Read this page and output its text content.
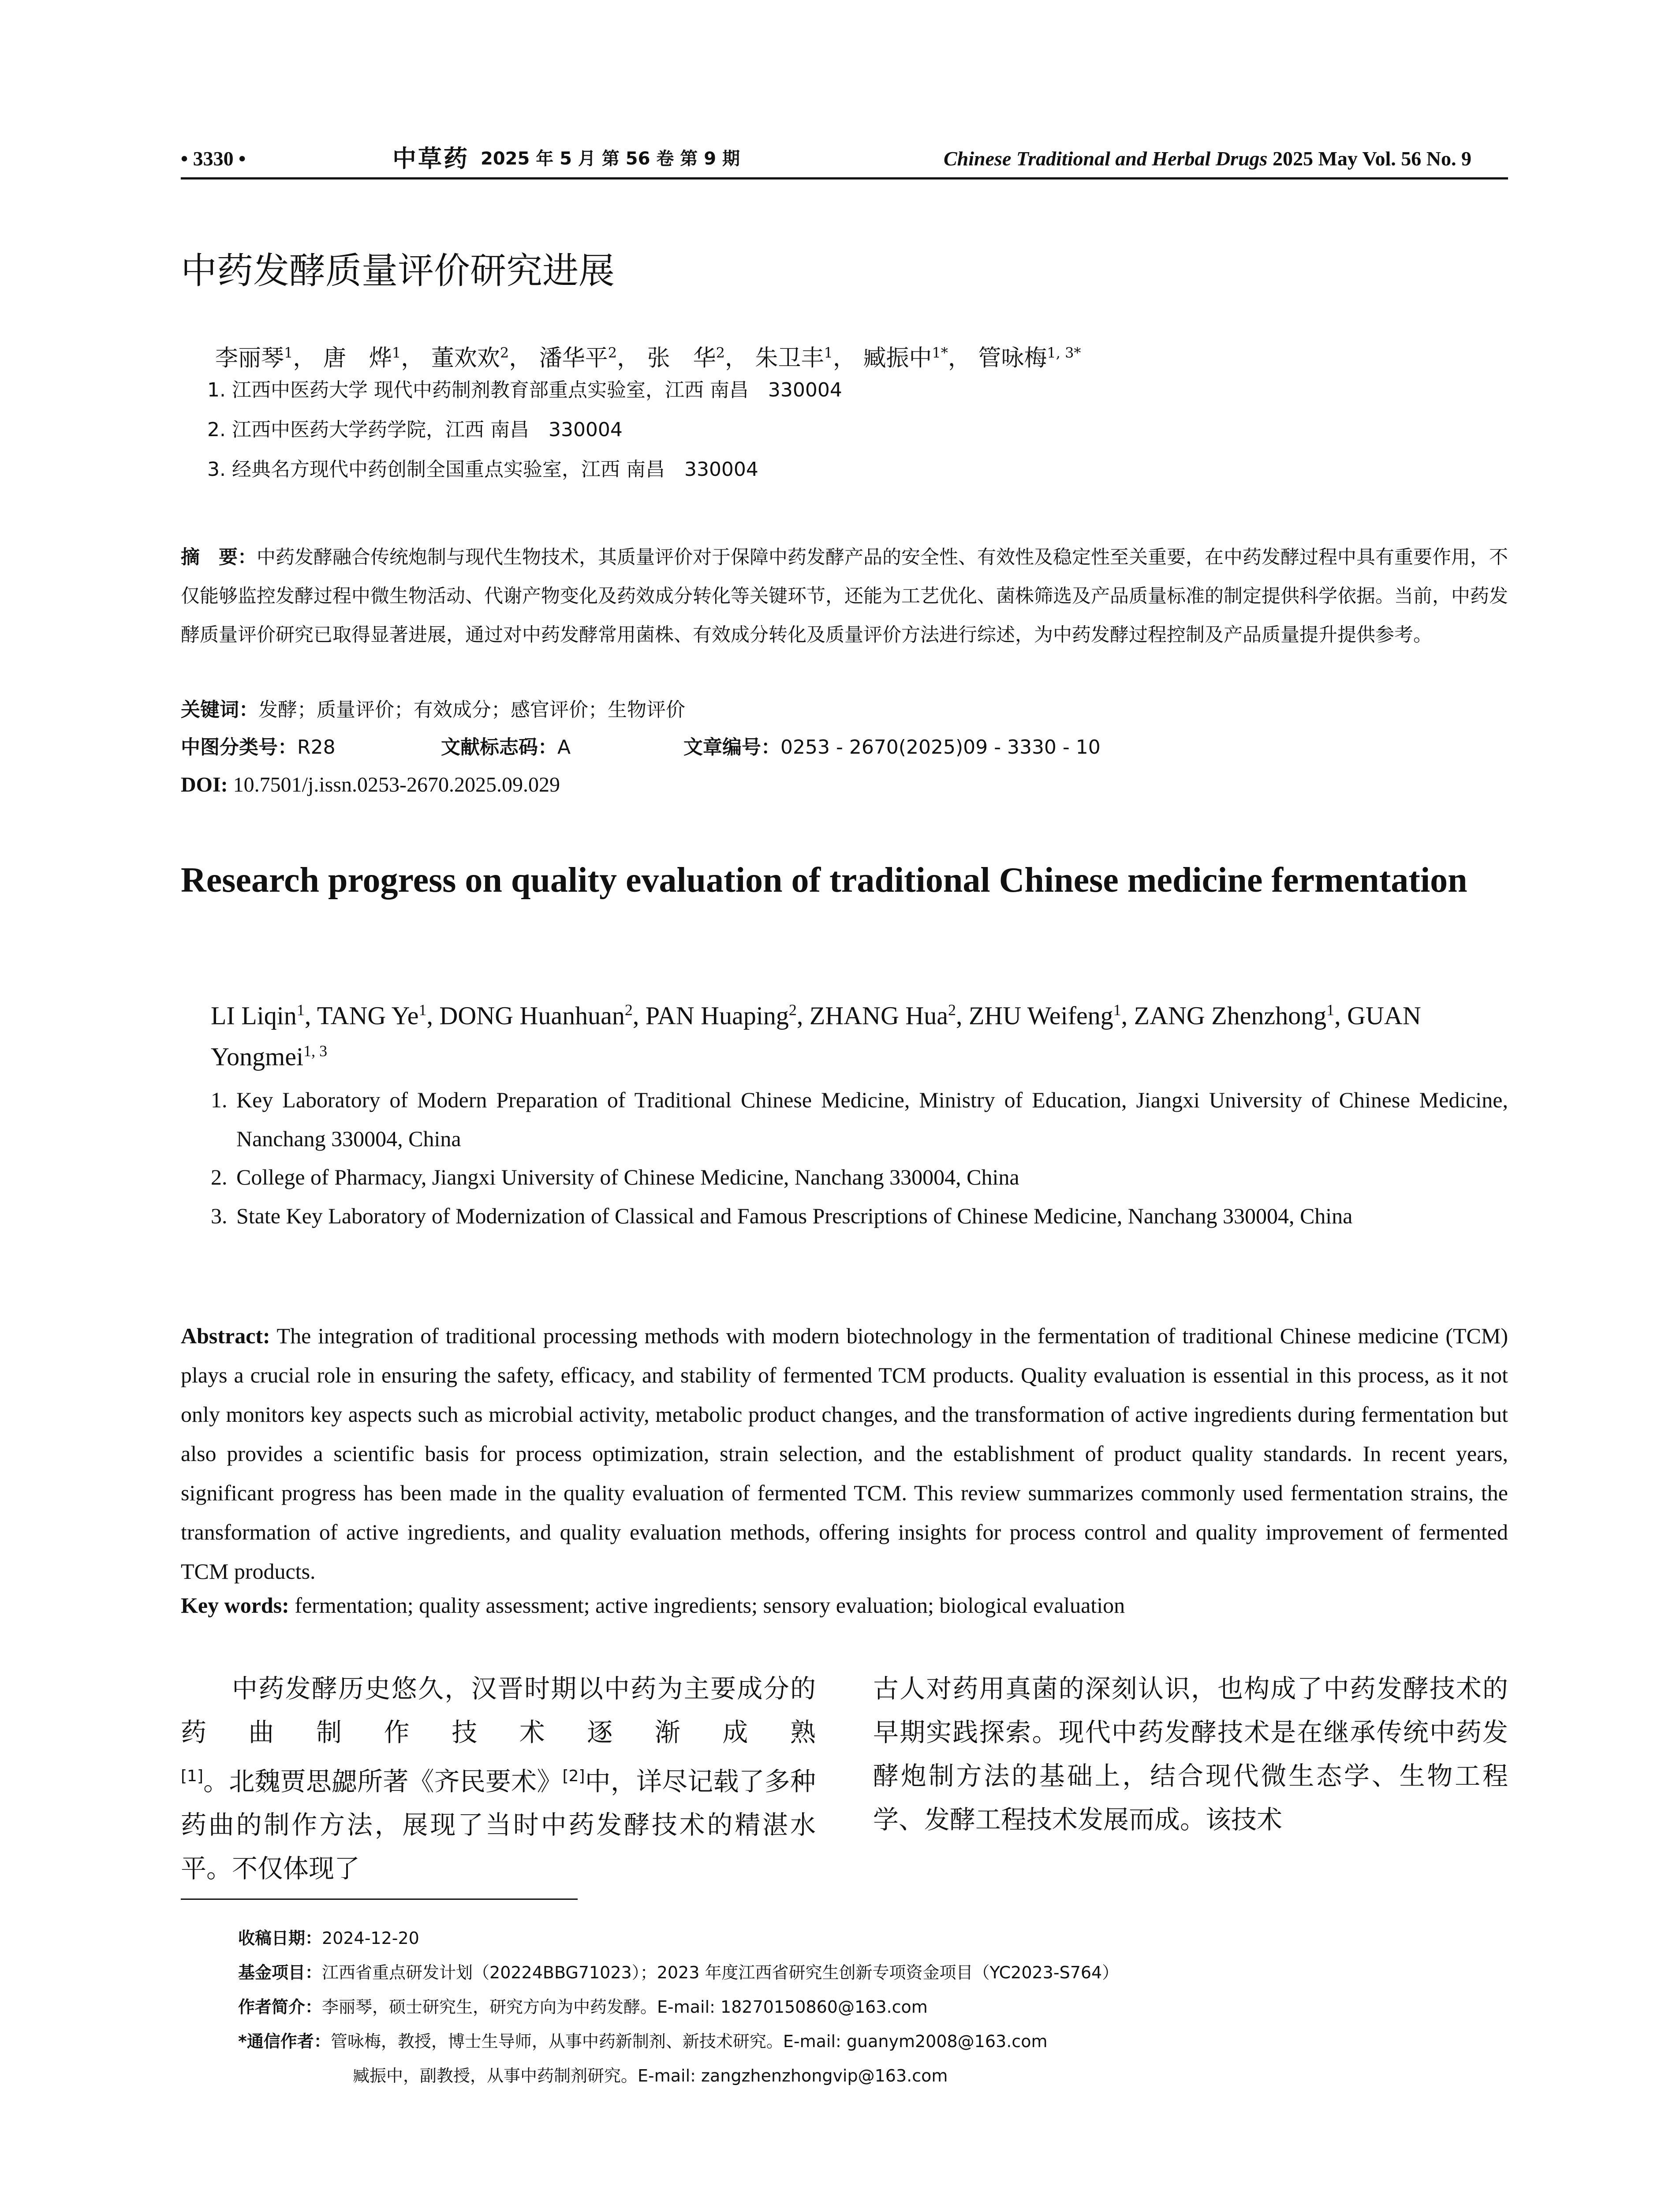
• 3330 •	中草药 2025 年 5 月 第 56 卷 第 9 期	Chinese Traditional and Herbal Drugs 2025 May Vol. 56 No. 9
中药发酵质量评价研究进展
李丽琴$^1$， 唐　烨$^1$， 董欢欢$^2$， 潘华平$^2$， 张　华$^2$， 朱卫丰$^1$， 臧振中$^{1*}$， 管咏梅$^{1, 3*}$
1. 江西中医药大学 现代中药制剂教育部重点实验室，江西 南昌　330004
2. 江西中医药大学药学院，江西 南昌　330004
3. 经典名方现代中药创制全国重点实验室，江西 南昌　330004
摘　要：中药发酵融合传统炮制与现代生物技术，其质量评价对于保障中药发酵产品的安全性、有效性及稳定性至关重要，在中药发酵过程中具有重要作用，不仅能够监控发酵过程中微生物活动、代谢产物变化及药效成分转化等关键环节，还能为工艺优化、菌株筛选及产品质量标准的制定提供科学依据。当前，中药发酵质量评价研究已取得显著进展，通过对中药发酵常用菌株、有效成分转化及质量评价方法进行综述，为中药发酵过程控制及产品质量提升提供参考。
关键词：发酵；质量评价；有效成分；感官评价；生物评价
中图分类号：R28	文献标志码：A	文章编号：0253 - 2670(2025)09 - 3330 - 10
DOI: 10.7501/j.issn.0253-2670.2025.09.029
Research progress on quality evaluation of traditional Chinese medicine fermentation
LI Liqin$^1$, TANG Ye$^1$, DONG Huanhuan$^2$, PAN Huaping$^2$, ZHANG Hua$^2$, ZHU Weifeng$^1$, ZANG Zhenzhong$^1$, GUAN Yongmei$^{1, 3}$
1. Key Laboratory of Modern Preparation of Traditional Chinese Medicine, Ministry of Education, Jiangxi University of Chinese Medicine, Nanchang 330004, China
2. College of Pharmacy, Jiangxi University of Chinese Medicine, Nanchang 330004, China
3. State Key Laboratory of Modernization of Classical and Famous Prescriptions of Chinese Medicine, Nanchang 330004, China
Abstract: The integration of traditional processing methods with modern biotechnology in the fermentation of traditional Chinese medicine (TCM) plays a crucial role in ensuring the safety, efficacy, and stability of fermented TCM products. Quality evaluation is essential in this process, as it not only monitors key aspects such as microbial activity, metabolic product changes, and the transformation of active ingredients during fermentation but also provides a scientific basis for process optimization, strain selection, and the establishment of product quality standards. In recent years, significant progress has been made in the quality evaluation of fermented TCM. This review summarizes commonly used fermentation strains, the transformation of active ingredients, and quality evaluation methods, offering insights for process control and quality improvement of fermented TCM products.
Key words: fermentation; quality assessment; active ingredients; sensory evaluation; biological evaluation

中药发酵历史悠久，汉晋时期以中药为主要成分的药曲制作技术逐渐成熟[1]。北魏贾思勰所著《齐民要术》[2]中，详尽记载了多种药曲的制作方法，展现了当时中药发酵技术的精湛水平。不仅体现了

古人对药用真菌的深刻认识，也构成了中药发酵技术的早期实践探索。现代中药发酵技术是在继承传统中药发酵炮制方法的基础上，结合现代微生态学、生物工程学、发酵工程技术发展而成。该技术

收稿日期：2024-12-20
基金项目：江西省重点研发计划（20224BBG71023）；2023 年度江西省研究生创新专项资金项目（YC2023-S764）
作者简介：李丽琴，硕士研究生，研究方向为中药发酵。E-mail: 18270150860@163.com
*通信作者：管咏梅，教授，博士生导师，从事中药新制剂、新技术研究。E-mail: guanym2008@163.com
臧振中，副教授，从事中药制剂研究。E-mail: zangzhenzhongvip@163.com
